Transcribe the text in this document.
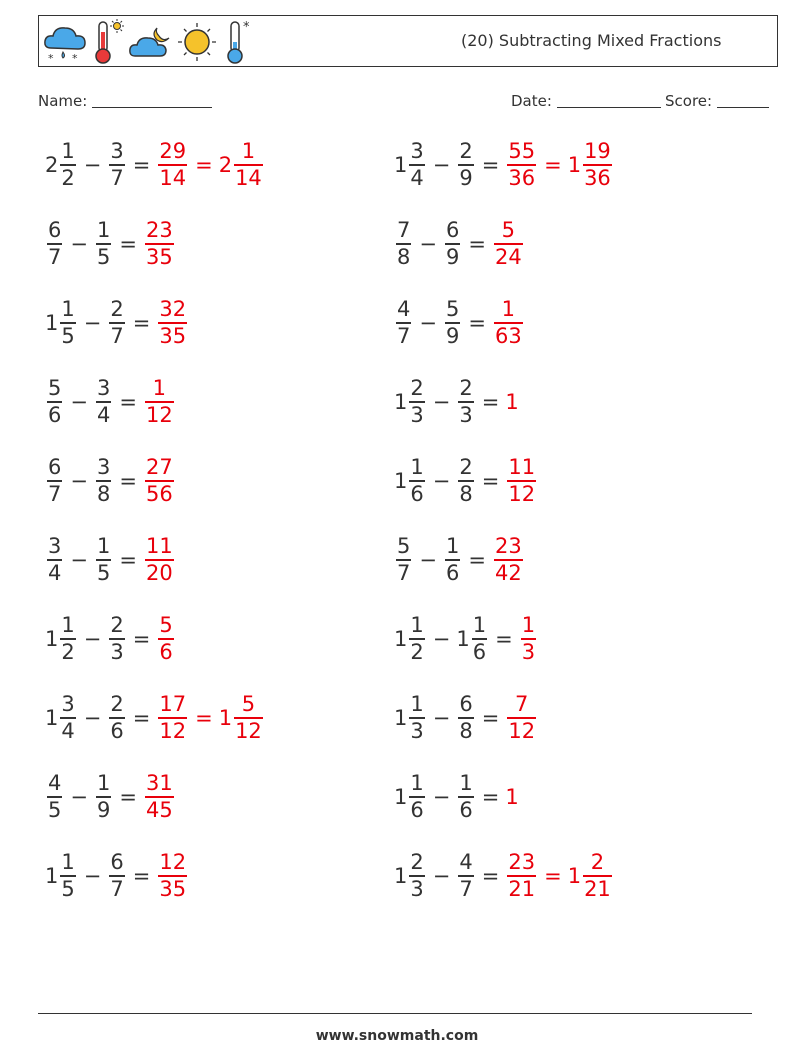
* *
*
(20) Subtracting Mixed Fractions
Name:	Date:	Score:
$2 \frac{1}{2} - \frac{3}{7} = \frac{29}{14} = 2 \frac{1}{14}$
$\frac{6}{7} - \frac{1}{5} = \frac{23}{35}$
$1 \frac{1}{5} - \frac{2}{7} = \frac{32}{35}$
$\frac{5}{6} - \frac{3}{4} = \frac{1}{12}$
$\frac{6}{7} - \frac{3}{8} = \frac{27}{56}$
$\frac{3}{4} - \frac{1}{5} = \frac{11}{20}$
$1 \frac{1}{2} - \frac{2}{3} = \frac{5}{6}$
$1 \frac{3}{4} - \frac{2}{6} = \frac{17}{12} = 1 \frac{5}{12}$
$\frac{4}{5} - \frac{1}{9} = \frac{31}{45}$
$1 \frac{1}{5} - \frac{6}{7} = \frac{12}{35}$
$1 \frac{3}{4} - \frac{2}{9} = \frac{55}{36} = 1 \frac{19}{36}$
$\frac{7}{8} - \frac{6}{9} = \frac{5}{24}$
$\frac{4}{7} - \frac{5}{9} = \frac{1}{63}$
$1 \frac{2}{3} - \frac{2}{3} = 1$
$1 \frac{1}{6} - \frac{2}{8} = \frac{11}{12}$
$\frac{5}{7} - \frac{1}{6} = \frac{23}{42}$
$1 \frac{1}{2} - 1 \frac{1}{6} = \frac{1}{3}$
$1 \frac{1}{3} - \frac{6}{8} = \frac{7}{12}$
$1 \frac{1}{6} - \frac{1}{6} = 1$
$1 \frac{2}{3} - \frac{4}{7} = \frac{23}{21} = 1 \frac{2}{21}$
www.snowmath.com
